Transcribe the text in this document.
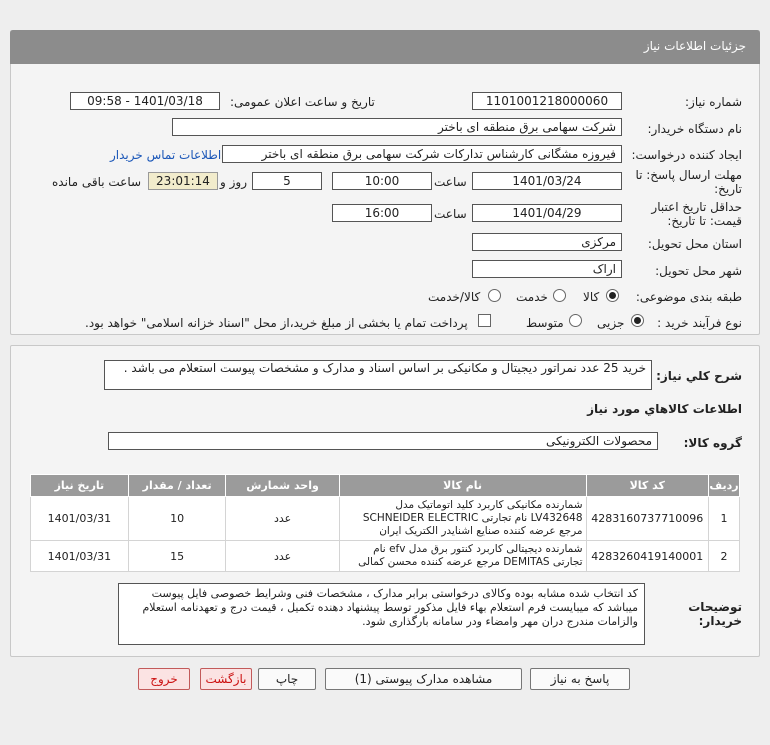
جزئیات اطلاعات نیاز
شماره نیاز:
1101001218000060
تاریخ و ساعت اعلان عمومی:
1401/03/18 - 09:58
نام دستگاه خریدار:
شرکت سهامی برق منطقه ای باختر
ایجاد کننده درخواست:
فیروزه مشگانی کارشناس تدارکات شرکت سهامی برق منطقه ای باختر
اطلاعات تماس خریدار
مهلت ارسال پاسخ: تا
تاریخ:
1401/03/24
ساعت
10:00
5
روز و
23:01:14
ساعت باقی مانده
حداقل تاریخ اعتبار
قیمت: تا تاریخ:
1401/04/29
ساعت
16:00
استان محل تحویل:
مرکزی
شهر محل تحویل:
اراک
طبقه بندی موضوعی:
کالا
خدمت
کالا/خدمت
نوع فرآیند خرید :
جزیی
متوسط
پرداخت تمام یا بخشی از مبلغ خرید،از محل "اسناد خزانه اسلامی" خواهد بود.
شرح کلي نياز:
خرید 25 عدد نمراتور دیجیتال و مکانیکی بر اساس اسناد و مدارک و مشخصات پیوست استعلام می باشد .
اطلاعات کالاهاي مورد نياز
گروه کالا:
محصولات الکترونیکی
ردیف	کد کالا	نام کالا	واحد شمارش	تعداد / مقدار	تاریخ نیاز
1	4283160737710096	شمارنده مکانیکی کاربرد کلید اتوماتیک مدل LV432648 نام تجارتی SCHNEIDER ELECTRIC مرجع عرضه کننده صنایع اشنایدر الکتریک ایران	عدد	10	1401/03/31
2	4283260419140001	شمارنده دیجیتالی کاربرد کنتور برق مدل efv نام تجارتی DEMITAS مرجع عرضه کننده محسن کمالی	عدد	15	1401/03/31
توضیحات خریدار:
کد انتخاب شده مشابه بوده وکالای درخواستی برابر مدارک ، مشخصات فنی وشرایط خصوصی فایل پیوست میباشد که میبایست فرم استعلام بهاء فایل مذکور توسط پیشنهاد دهنده تکمیل ، قیمت درج و تعهدنامه استعلام والزامات مندرج دران مهر وامضاء ودر سامانه بارگذاری شود.
پاسخ به نیاز
مشاهده مدارک پیوستی (1)
چاپ
بازگشت
خروج
